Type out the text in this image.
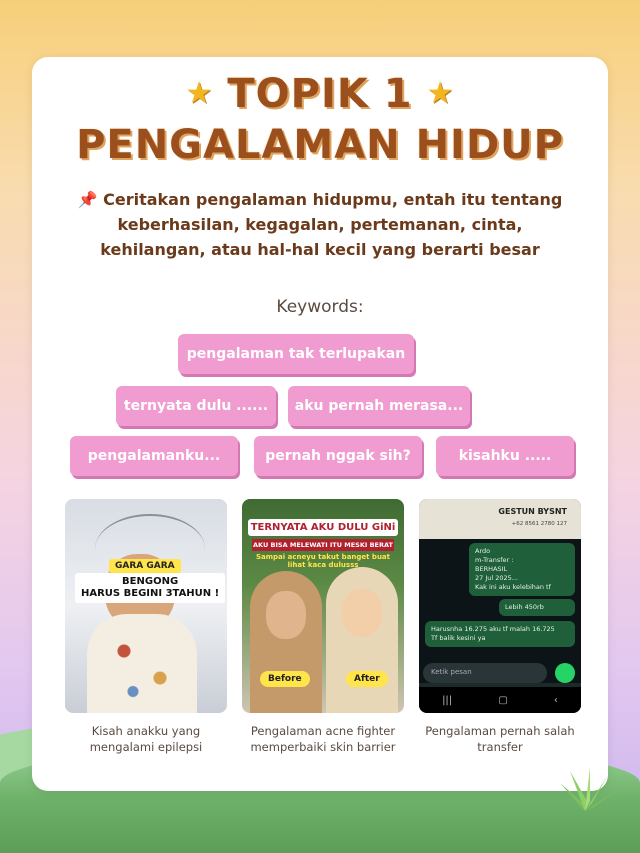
★ TOPIK 1 ★
PENGALAMAN HIDUP
📌 Ceritakan pengalaman hidupmu, entah itu tentang keberhasilan, kegagalan, pertemanan, cinta, kehilangan, atau hal-hal kecil yang berarti besar
Keywords:
pengalaman tak terlupakan
ternyata dulu ......	aku pernah merasa...
pengalamanku...	pernah nggak sih?	kisahku .....
GARA GARA
BENGONG
HARUS BEGINI 3TAHUN !
Kisah anakku yang mengalami epilepsi
TERNYATA AKU DULU GiNi
AKU BISA MELEWATI ITU MESKI BERAT
Sampai acneyu takut banget buat lihat kaca dulusss
Before	After
Pengalaman acne fighter memperbaiki skin barrier
GESTUN BYSNT
+62 8561 2780 127
Ardo
m-Transfer :
BERHASIL
27 Jul 2025...
Kak ini aku kelebihan tf
Lebih 450rb
Harusnha 16.275 aku tf malah 16.725
Tf balik kesini ya
Ketik pesan
|||	▢	‹
Pengalaman pernah salah transfer
